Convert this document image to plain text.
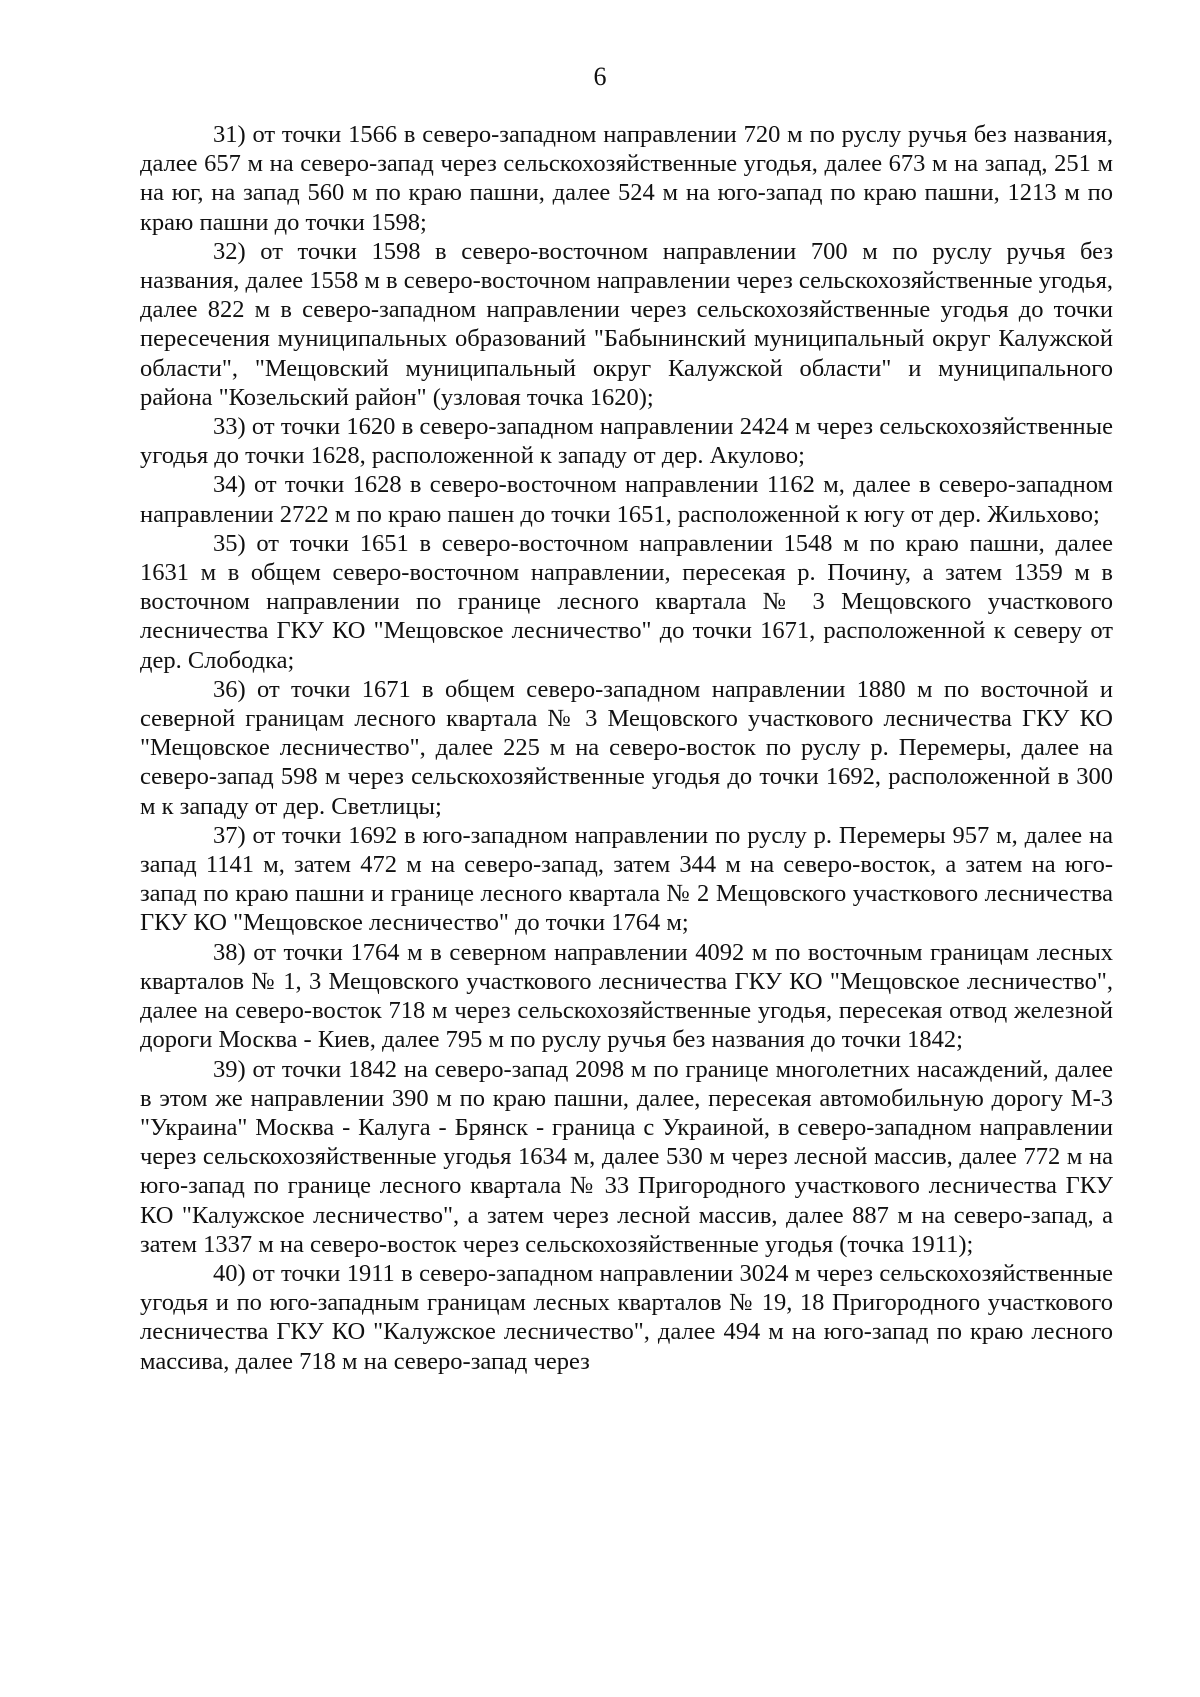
6

31) от точки 1566 в северо-западном направлении 720 м по руслу ручья без названия, далее 657 м на северо-запад через сельскохозяйственные угодья, далее 673 м на запад, 251 м на юг, на запад 560 м по краю пашни, далее 524 м на юго-запад по краю пашни, 1213 м по краю пашни до точки 1598;

32) от точки 1598 в северо-восточном направлении 700 м по руслу ручья без названия, далее 1558 м в северо-восточном направлении через сельскохозяйственные угодья, далее 822 м в северо-западном направлении через сельскохозяйственные угодья до точки пересечения муниципальных образований "Бабынинский муниципальный округ Калужской области", "Мещовский муниципальный округ Калужской области" и муниципального района "Козельский район" (узловая точка 1620);

33) от точки 1620 в северо-западном направлении 2424 м через сельскохозяйственные угодья до точки 1628, расположенной к западу от дер. Акулово;

34) от точки 1628 в северо-восточном направлении 1162 м, далее в северо-западном направлении 2722 м по краю пашен до точки 1651, расположенной к югу от дер. Жильхово;

35) от точки 1651 в северо-восточном направлении 1548 м по краю пашни, далее 1631 м в общем северо-восточном направлении, пересекая р. Почину, а затем 1359 м в восточном направлении по границе лесного квартала № 3 Мещовского участкового лесничества ГКУ КО "Мещовское лесничество" до точки 1671, расположенной к северу от дер. Слободка;

36) от точки 1671 в общем северо-западном направлении 1880 м по восточной и северной границам лесного квартала № 3 Мещовского участкового лесничества ГКУ КО "Мещовское лесничество", далее 225 м на северо-восток по руслу р. Перемеры, далее на северо-запад 598 м через сельскохозяйственные угодья до точки 1692, расположенной в 300 м к западу от дер. Светлицы;

37) от точки 1692 в юго-западном направлении по руслу р. Перемеры 957 м, далее на запад 1141 м, затем 472 м на северо-запад, затем 344 м на северо-восток, а затем на юго-запад по краю пашни и границе лесного квартала № 2 Мещовского участкового лесничества ГКУ КО "Мещовское лесничество" до точки 1764 м;

38) от точки 1764 м в северном направлении 4092 м по восточным границам лесных кварталов № 1, 3 Мещовского участкового лесничества ГКУ КО "Мещовское лесничество", далее на северо-восток 718 м через сельскохозяйственные угодья, пересекая отвод железной дороги Москва - Киев, далее 795 м по руслу ручья без названия до точки 1842;

39) от точки 1842 на северо-запад 2098 м по границе многолетних насаждений, далее в этом же направлении 390 м по краю пашни, далее, пересекая автомобильную дорогу М-3 "Украина" Москва - Калуга - Брянск - граница с Украиной, в северо-западном направлении через сельскохозяйственные угодья 1634 м, далее 530 м через лесной массив, далее 772 м на юго-запад по границе лесного квартала № 33 Пригородного участкового лесничества ГКУ КО "Калужское лесничество", а затем через лесной массив, далее 887 м на северо-запад, а затем 1337 м на северо-восток через сельскохозяйственные угодья (точка 1911);

40) от точки 1911 в северо-западном направлении 3024 м через сельскохозяйственные угодья и по юго-западным границам лесных кварталов № 19, 18 Пригородного участкового лесничества ГКУ КО "Калужское лесничество", далее 494 м на юго-запад по краю лесного массива, далее 718 м на северо-запад через
